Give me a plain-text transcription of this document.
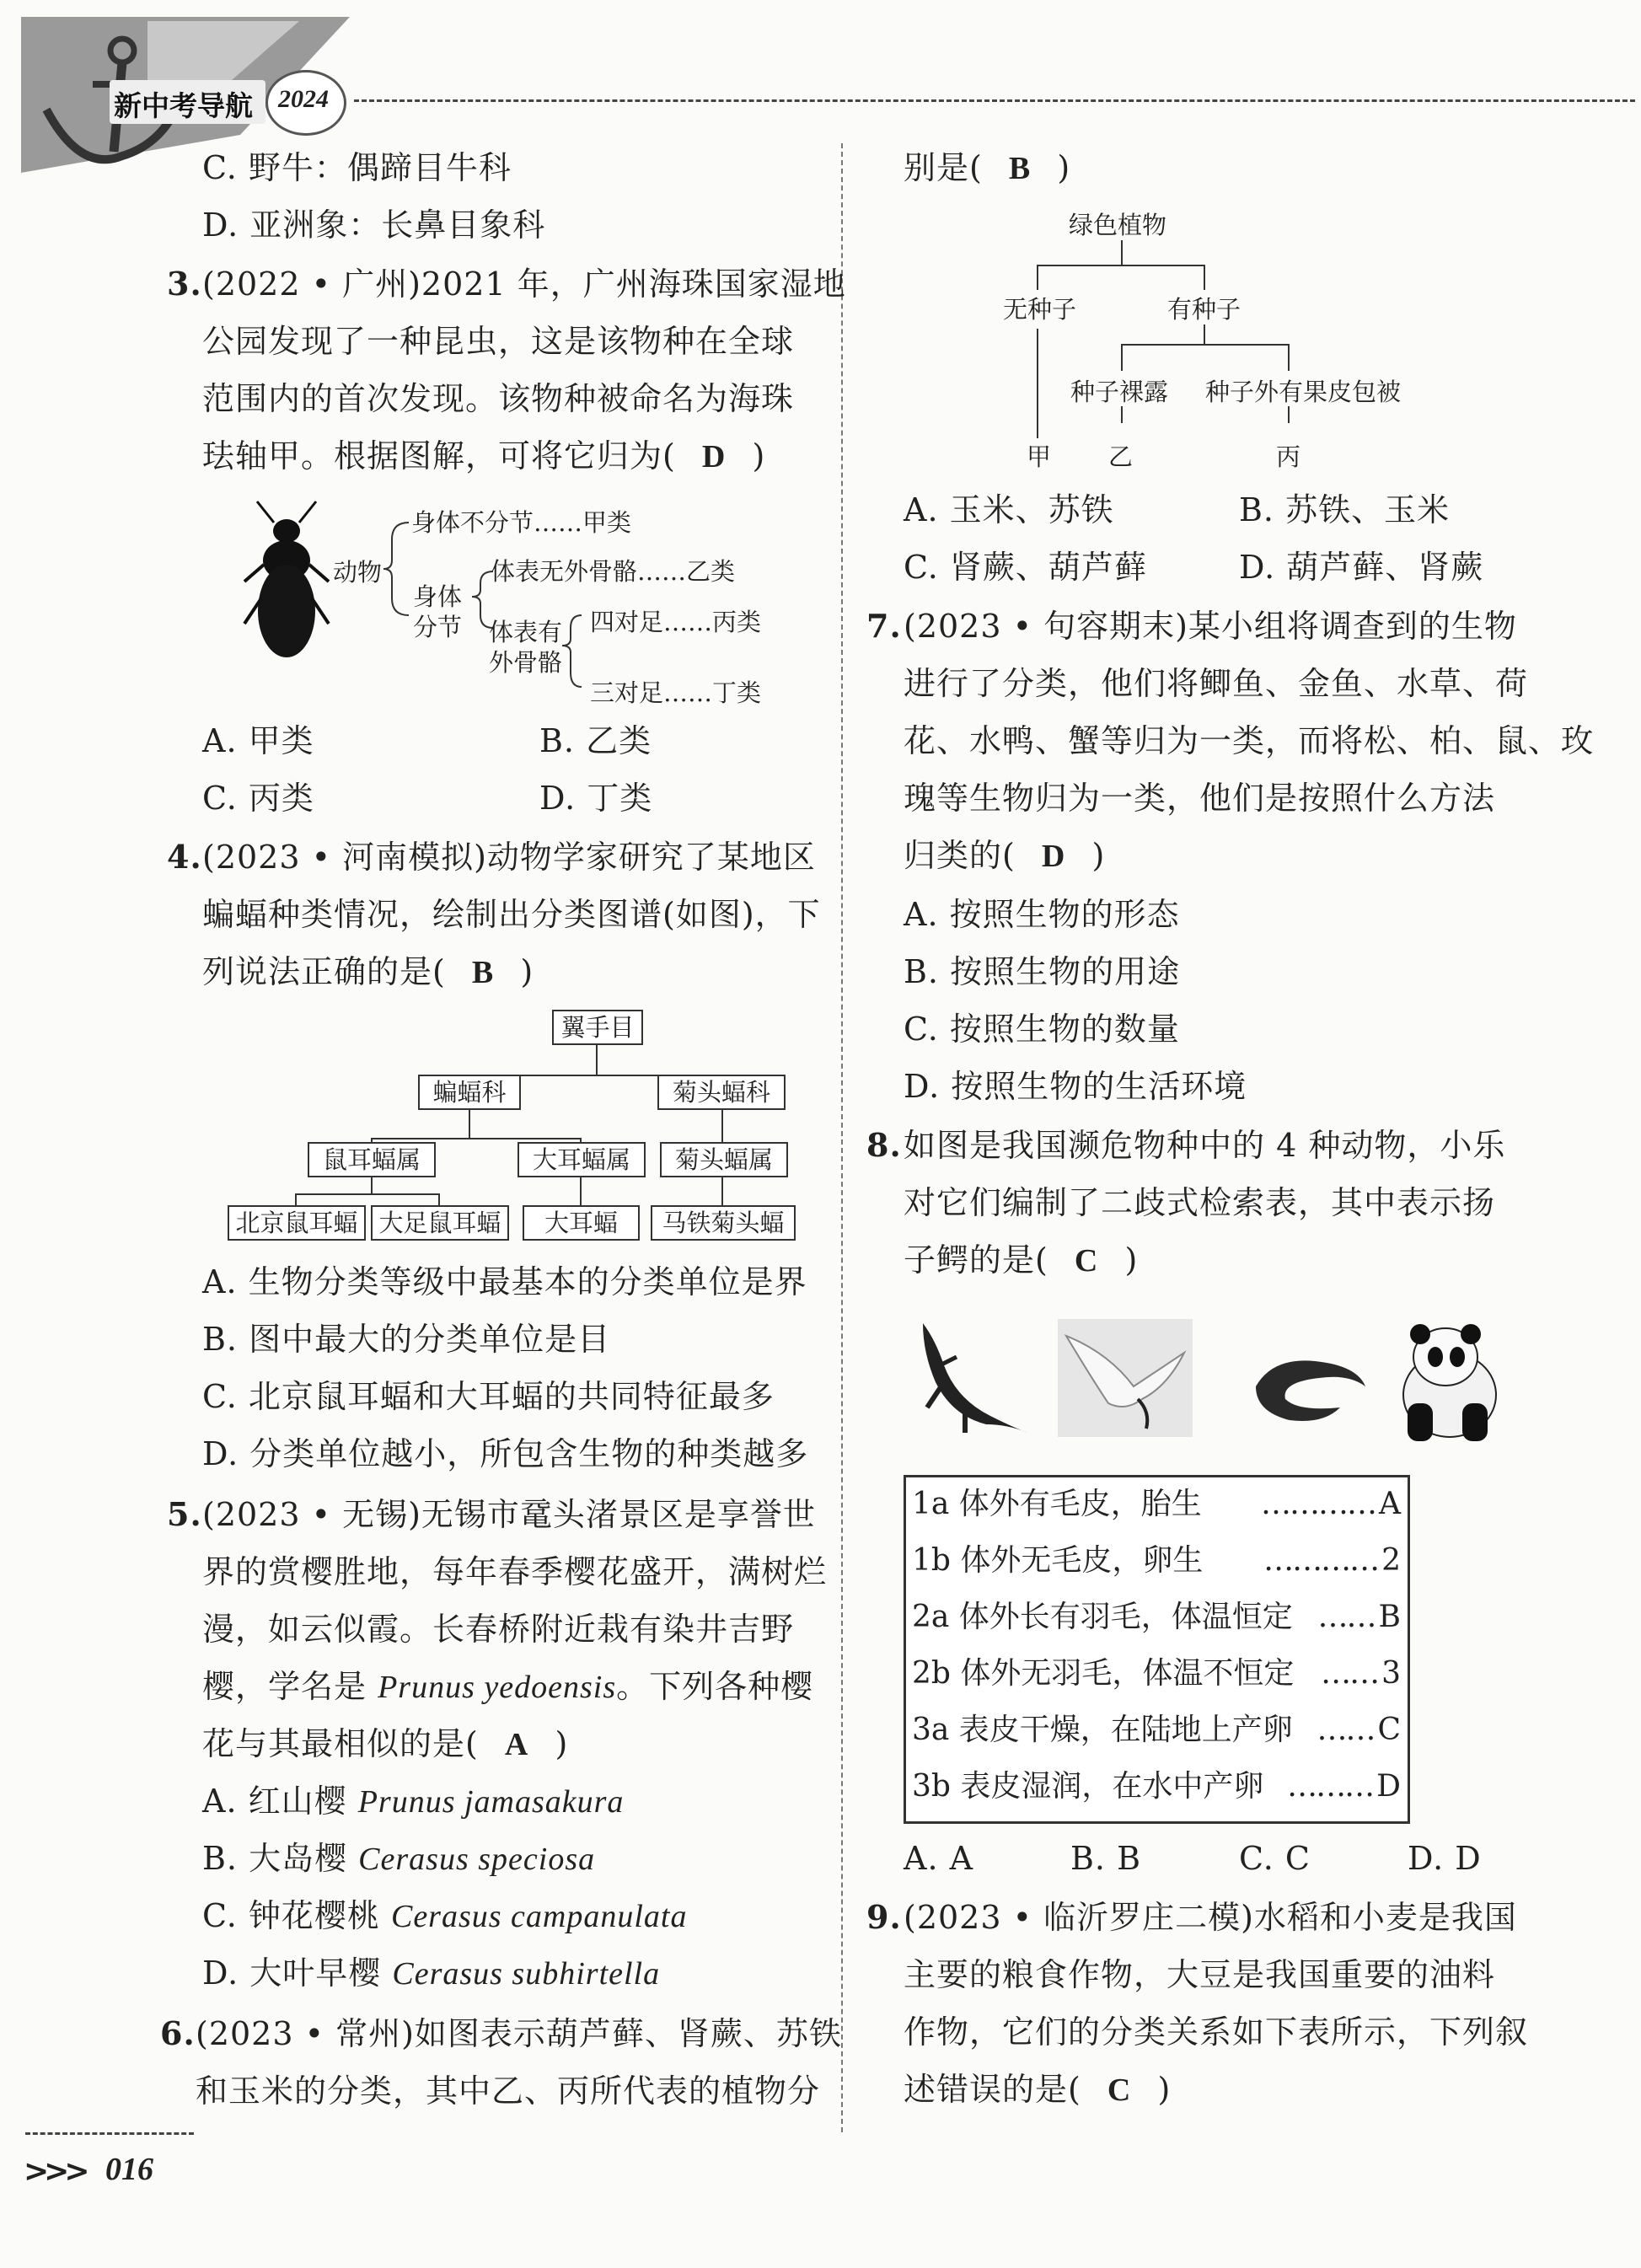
新中考导航 2024
C. 野牛：偶蹄目牛科
D. 亚洲象：长鼻目象科
3. (2022 • 广州)2021 年，广州海珠国家湿地
公园发现了一种昆虫，这是该物种在全球
范围内的首次发现。该物种被命名为海珠
珐轴甲。根据图解，可将它归为( D )
动物
身体不分节……甲类
身体分节
体表无外骨骼……乙类
体表有外骨骼
四对足……丙类
三对足……丁类
A. 甲类	B. 乙类
C. 丙类	D. 丁类
4. (2023 • 河南模拟)动物学家研究了某地区
蝙蝠种类情况，绘制出分类图谱(如图)，下
列说法正确的是( B )
翼手目
蝙蝠科	菊头蝠科
鼠耳蝠属	大耳蝠属	菊头蝠属
北京鼠耳蝠 大足鼠耳蝠	大耳蝠	马铁菊头蝠
A. 生物分类等级中最基本的分类单位是界
B. 图中最大的分类单位是目
C. 北京鼠耳蝠和大耳蝠的共同特征最多
D. 分类单位越小，所包含生物的种类越多
5. (2023 • 无锡)无锡市鼋头渚景区是享誉世
界的赏樱胜地，每年春季樱花盛开，满树烂
漫，如云似霞。长春桥附近栽有染井吉野
樱，学名是 Prunus yedoensis。下列各种樱
花与其最相似的是( A )
A. 红山樱 Prunus jamasakura
B. 大岛樱 Cerasus speciosa
C. 钟花樱桃 Cerasus campanulata
D. 大叶早樱 Cerasus subhirtella
6. (2023 • 常州)如图表示葫芦藓、肾蕨、苏铁
和玉米的分类，其中乙、丙所代表的植物分
>>> 016
别是( B )
绿色植物
无种子	有种子
种子裸露 种子外有果皮包被
甲 乙	丙
A. 玉米、苏铁	B. 苏铁、玉米
C. 肾蕨、葫芦藓	D. 葫芦藓、肾蕨
7. (2023 • 句容期末)某小组将调查到的生物
进行了分类，他们将鲫鱼、金鱼、水草、荷
花、水鸭、蟹等归为一类，而将松、柏、鼠、玫
瑰等生物归为一类，他们是按照什么方法
归类的( D )
A. 按照生物的形态
B. 按照生物的用途
C. 按照生物的数量
D. 按照生物的生活环境
8. 如图是我国濒危物种中的 4 种动物，小乐
对它们编制了二歧式检索表，其中表示扬
子鳄的是( C )
1a 体外有毛皮，胎生	………… A
1b 体外无毛皮，卵生	………… 2
2a 体外长有羽毛，体温恒定 …… B
2b 体外无羽毛，体温不恒定 …… 3
3a 表皮干燥，在陆地上产卵 …… C
3b 表皮湿润，在水中产卵 ……… D
A. A	B. B	C. C	D. D
9. (2023 • 临沂罗庄二模)水稻和小麦是我国
主要的粮食作物，大豆是我国重要的油料
作物，它们的分类关系如下表所示，下列叙
述错误的是( C )
